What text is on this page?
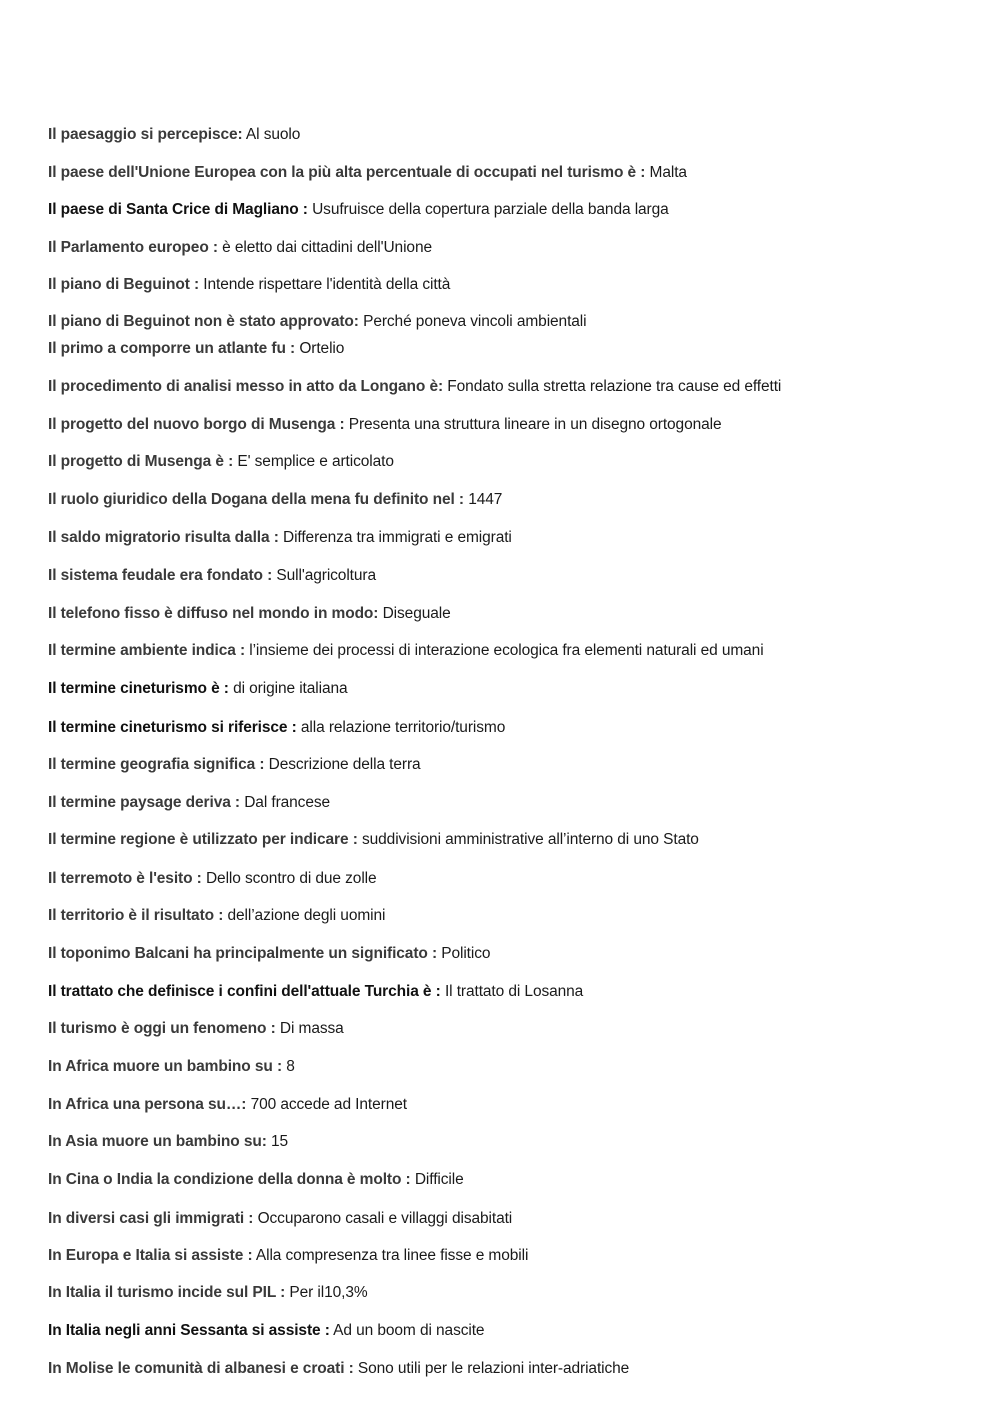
Il paesaggio si percepisce: Al suolo
Il paese dell'Unione Europea con la più alta percentuale di occupati nel turismo è : Malta
Il paese di Santa Crice di Magliano : Usufruisce della copertura parziale della banda larga
Il Parlamento europeo : è eletto dai cittadini dell'Unione
Il piano di Beguinot : Intende rispettare l'identità della città
Il piano di Beguinot non è stato approvato: Perché poneva vincoli ambientali
Il primo a comporre un atlante fu : Ortelio
Il procedimento di analisi messo in atto da Longano è: Fondato sulla stretta relazione tra cause ed effetti
Il progetto del nuovo borgo di Musenga : Presenta una struttura lineare in un disegno ortogonale
Il progetto di Musenga è : E' semplice e articolato
Il ruolo giuridico della Dogana della mena fu definito nel : 1447
Il saldo migratorio risulta dalla : Differenza tra immigrati e emigrati
Il sistema feudale era fondato : Sull'agricoltura
Il telefono fisso è diffuso nel mondo in modo: Diseguale
Il termine ambiente indica : l’insieme dei processi di interazione ecologica fra elementi naturali ed umani
Il termine cineturismo è : di origine italiana
Il termine cineturismo si riferisce : alla relazione territorio/turismo
Il termine geografia significa : Descrizione della terra
Il termine paysage deriva : Dal francese
Il termine regione è utilizzato per indicare : suddivisioni amministrative all’interno di uno Stato
Il terremoto è l'esito : Dello scontro di due zolle
Il territorio è il risultato : dell’azione degli uomini
Il toponimo Balcani ha principalmente un significato : Politico
Il trattato che definisce i confini dell'attuale Turchia è : Il trattato di Losanna
Il turismo è oggi un fenomeno : Di massa
In Africa muore un bambino su : 8
In Africa una persona su…: 700 accede ad Internet
In Asia muore un bambino su: 15
In Cina o India la condizione della donna è molto : Difficile
In diversi casi gli immigrati : Occuparono casali e villaggi disabitati
In Europa e Italia si assiste : Alla compresenza tra linee fisse e mobili
In Italia il turismo incide sul PIL : Per il10,3%
In Italia negli anni Sessanta si assiste : Ad un boom di nascite
In Molise le comunità di albanesi e croati : Sono utili per le relazioni inter-adriatiche
